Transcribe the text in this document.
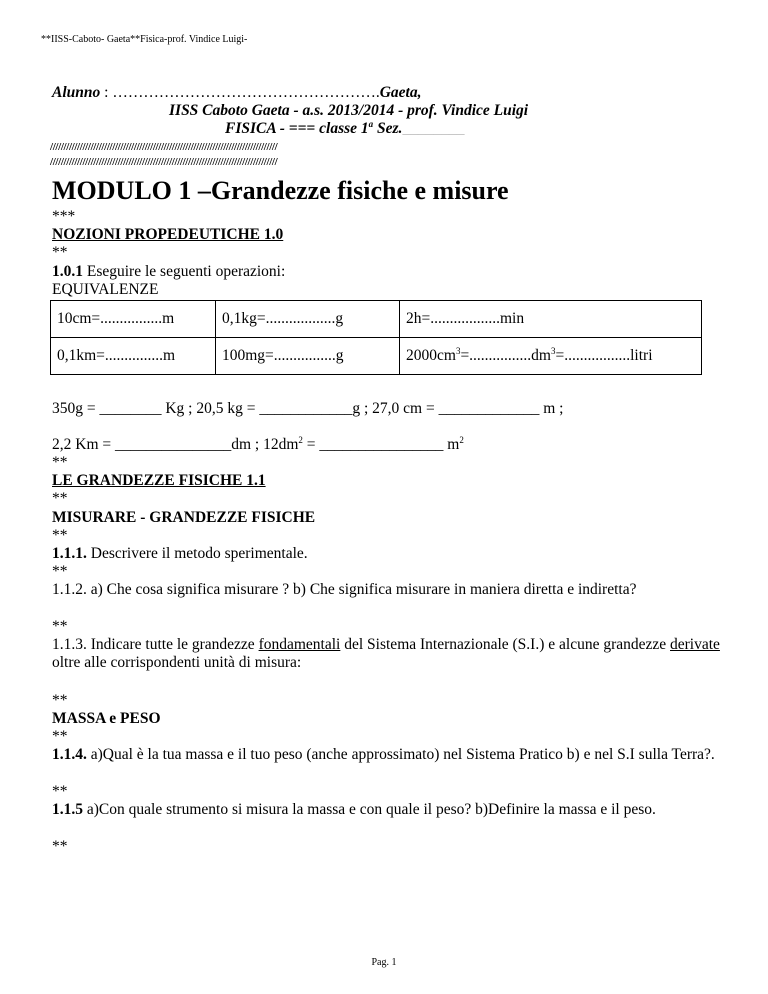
**IISS-Caboto- Gaeta**Fisica-prof. Vindice Luigi-
Alunno : …………………………………………….Gaeta,
IISS Caboto Gaeta - a.s. 2013/2014 - prof. Vindice Luigi
FISICA - === classe 1$^a$ Sez.________
////////////////////////////////////////////////////////////////////////////////////
////////////////////////////////////////////////////////////////////////////////////
MODULO 1 –Grandezze fisiche e misure
***
NOZIONI PROPEDEUTICHE 1.0
**
1.0.1 Eseguire le seguenti operazioni:
EQUIVALENZE
10cm=................m	0,1kg=..................g	2h=..................min
0,1km=...............m	100mg=................g	$2000cm^3=................dm^3=.................litri$
350g = ________ Kg ; 20,5 kg = ____________g ; 27,0 cm = _____________ m ;
2,2 Km = _______________dm ; $12dm^2$ = ________________ $m^2$
**
LE GRANDEZZE FISICHE 1.1
**
MISURARE - GRANDEZZE FISICHE
**
1.1.1. Descrivere il metodo sperimentale.
**
1.1.2. a) Che cosa significa misurare ? b) Che significa misurare in maniera diretta e indiretta?
**
1.1.3. Indicare tutte le grandezze fondamentali del Sistema Internazionale (S.I.) e alcune grandezze derivate oltre alle corrispondenti unità di misura:
**
MASSA e PESO
**
1.1.4. a)Qual è la tua massa e il tuo peso (anche approssimato) nel Sistema Pratico b) e nel S.I sulla Terra?.
**
1.1.5 a)Con quale strumento si misura la massa e con quale il peso? b)Definire la massa e il peso.
**
Pag. 1
